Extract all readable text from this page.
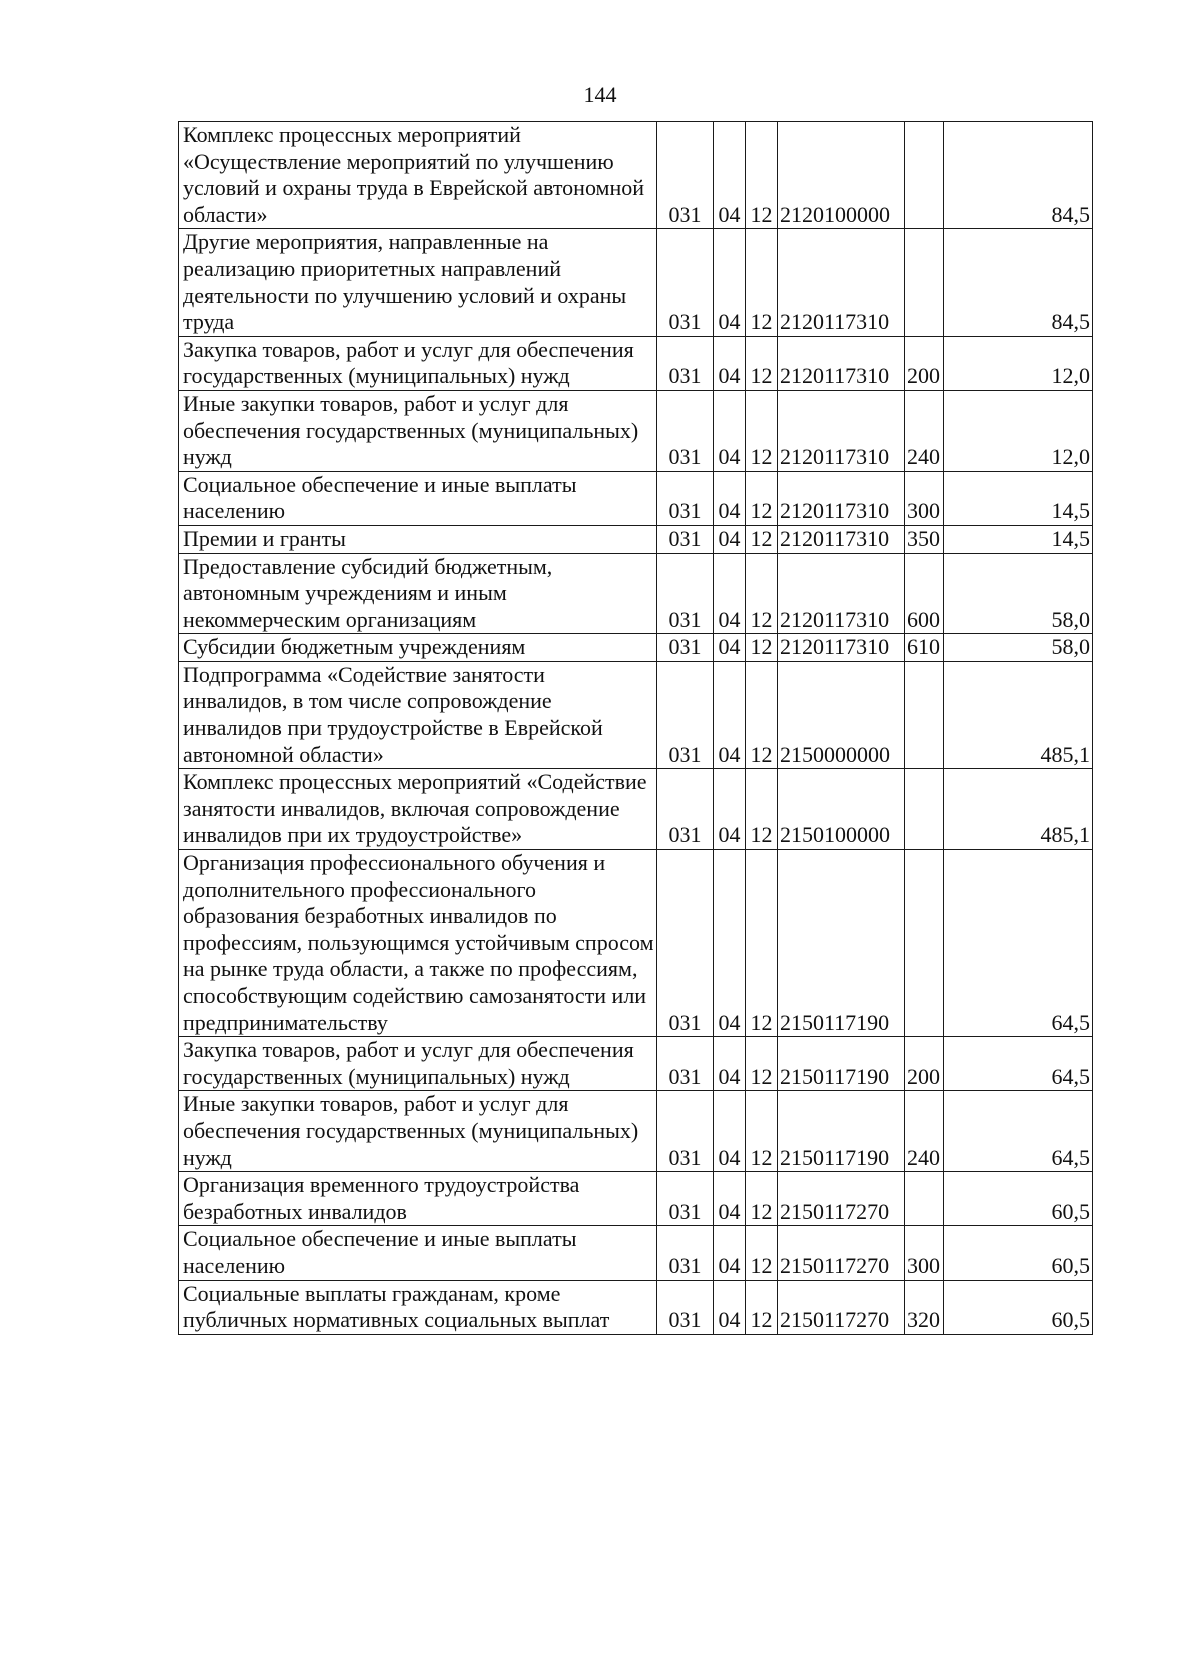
144
Комплекс процессных мероприятий «Осуществление мероприятий по улучшению условий и охраны труда в Еврейской автономной области»	031	04	12	2120100000		84,5
Другие мероприятия, направленные на реализацию приоритетных направлений деятельности по улучшению условий и охраны труда	031	04	12	2120117310		84,5
Закупка товаров, работ и услуг для обеспечения государственных (муниципальных) нужд	031	04	12	2120117310	200	12,0
Иные закупки товаров, работ и услуг для обеспечения государственных (муниципальных) нужд	031	04	12	2120117310	240	12,0
Социальное обеспечение и иные выплаты населению	031	04	12	2120117310	300	14,5
Премии и гранты	031	04	12	2120117310	350	14,5
Предоставление субсидий бюджетным, автономным учреждениям и иным некоммерческим организациям	031	04	12	2120117310	600	58,0
Субсидии бюджетным учреждениям	031	04	12	2120117310	610	58,0
Подпрограмма «Содействие занятости инвалидов, в том числе сопровождение инвалидов при трудоустройстве в Еврейской автономной области»	031	04	12	2150000000		485,1
Комплекс процессных мероприятий «Содействие занятости инвалидов, включая сопровождение инвалидов при их трудоустройстве»	031	04	12	2150100000		485,1
Организация профессионального обучения и дополнительного профессионального образования безработных инвалидов по профессиям, пользующимся устойчивым спросом на рынке труда области, а также по профессиям, способствующим содействию самозанятости или предпринимательству	031	04	12	2150117190		64,5
Закупка товаров, работ и услуг для обеспечения государственных (муниципальных) нужд	031	04	12	2150117190	200	64,5
Иные закупки товаров, работ и услуг для обеспечения государственных (муниципальных) нужд	031	04	12	2150117190	240	64,5
Организация временного трудоустройства безработных инвалидов	031	04	12	2150117270		60,5
Социальное обеспечение и иные выплаты населению	031	04	12	2150117270	300	60,5
Социальные выплаты гражданам, кроме публичных нормативных социальных выплат	031	04	12	2150117270	320	60,5
